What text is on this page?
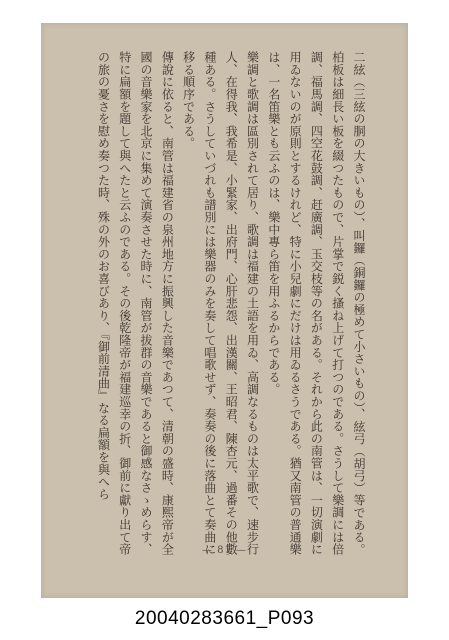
二絃（三絃の胴の大きいもの）、叫鑼（銅鑼の極めて小さいもの）、絃弓（胡弓）等である。柏板は細長い板を綴つたもので、片掌で鋭く搔ね上げて打つのである。さうして樂調には倍調、福馬調、四空花鼓調、赶廣調、玉交枝等の名がある。それから此の南管は、一切演劇に用ゐないのが原則とするけれど、特に小兒劇にだけは用ゐるさうである。猶又南管の普通樂は、一名笛樂とも云ふのは、樂中專ら笛を用ふるからである。

樂調と歌調は區別されて居り、歌調は福建の土語を用ゐ、高調なるものは太平歌で、速步行人、在得我、我希是、小緊家、出府門、心肝悲怨、出漢關、王昭君、陳杏元、過番その他數種ある。さうしていづれも譜別には樂器のみを奏して唱歌せず、奏奏の後に落曲とて奏曲に移る順序である。

傳說に依ると、南管は福建省の泉州地方に振興した音樂であつて、清朝の盛時、康熙帝が全國の音樂家を北京に集めて演奏させた時に、南管が拔群の音樂であると御感なさゝめらす、特に扁額を題して與へたと云ふのである。その後乾隆帝が福建巡幸の折、御前に獻り出て帝の旅の憂さを慰め奏つた時、殊の外のお喜びあり、『御前清曲』なる扁額を與へら

— 81 —
20040283661_P093
